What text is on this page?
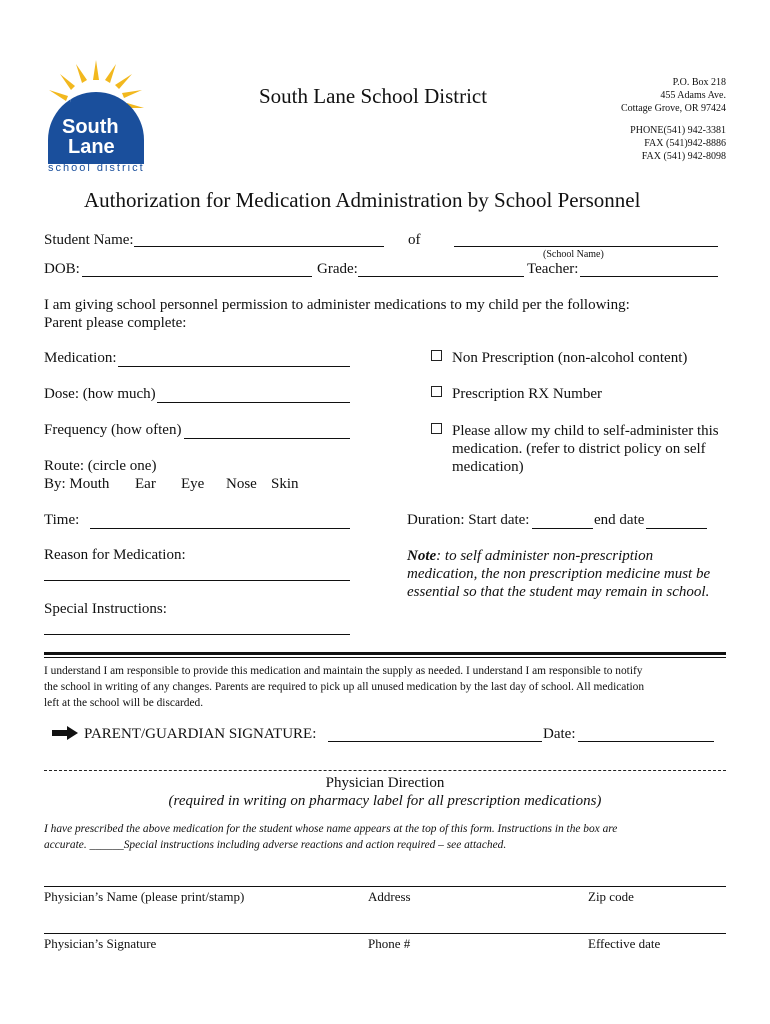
South
Lane
school district
South Lane School District
P.O. Box 218
455 Adams Ave.
Cottage Grove, OR 97424
PHONE(541) 942-3381
FAX (541)942-8886
FAX (541) 942-8098
Authorization for Medication Administration by School Personnel
Student Name:	of
(School Name)
DOB:	Grade:	Teacher:
I am giving school personnel permission to administer medications to my child per the following:
Parent please complete:
Medication:
Dose: (how much)
Frequency (how often)
Route: (circle one)
By: Mouth Ear Eye Nose Skin
Time:
Reason for Medication:
Special Instructions:
Non Prescription (non-alcohol content)
Prescription RX Number
Please allow my child to self-administer this
medication. (refer to district policy on self
medication)
Duration: Start date:	end date
Note: to self administer non-prescription
medication, the non prescription medicine must be
essential so that the student may remain in school.
I understand I am responsible to provide this medication and maintain the supply as needed. I understand I am responsible to notify
the school in writing of any changes. Parents are required to pick up all unused medication by the last day of school. All medication
left at the school will be discarded.
PARENT/GUARDIAN SIGNATURE:	Date:
Physician Direction
(required in writing on pharmacy label for all prescription medications)
I have prescribed the above medication for the student whose name appears at the top of this form. Instructions in the box are
accurate. ______Special instructions including adverse reactions and action required – see attached.
Physician’s Name (please print/stamp)	Address	Zip code
Physician’s Signature	Phone #	Effective date
